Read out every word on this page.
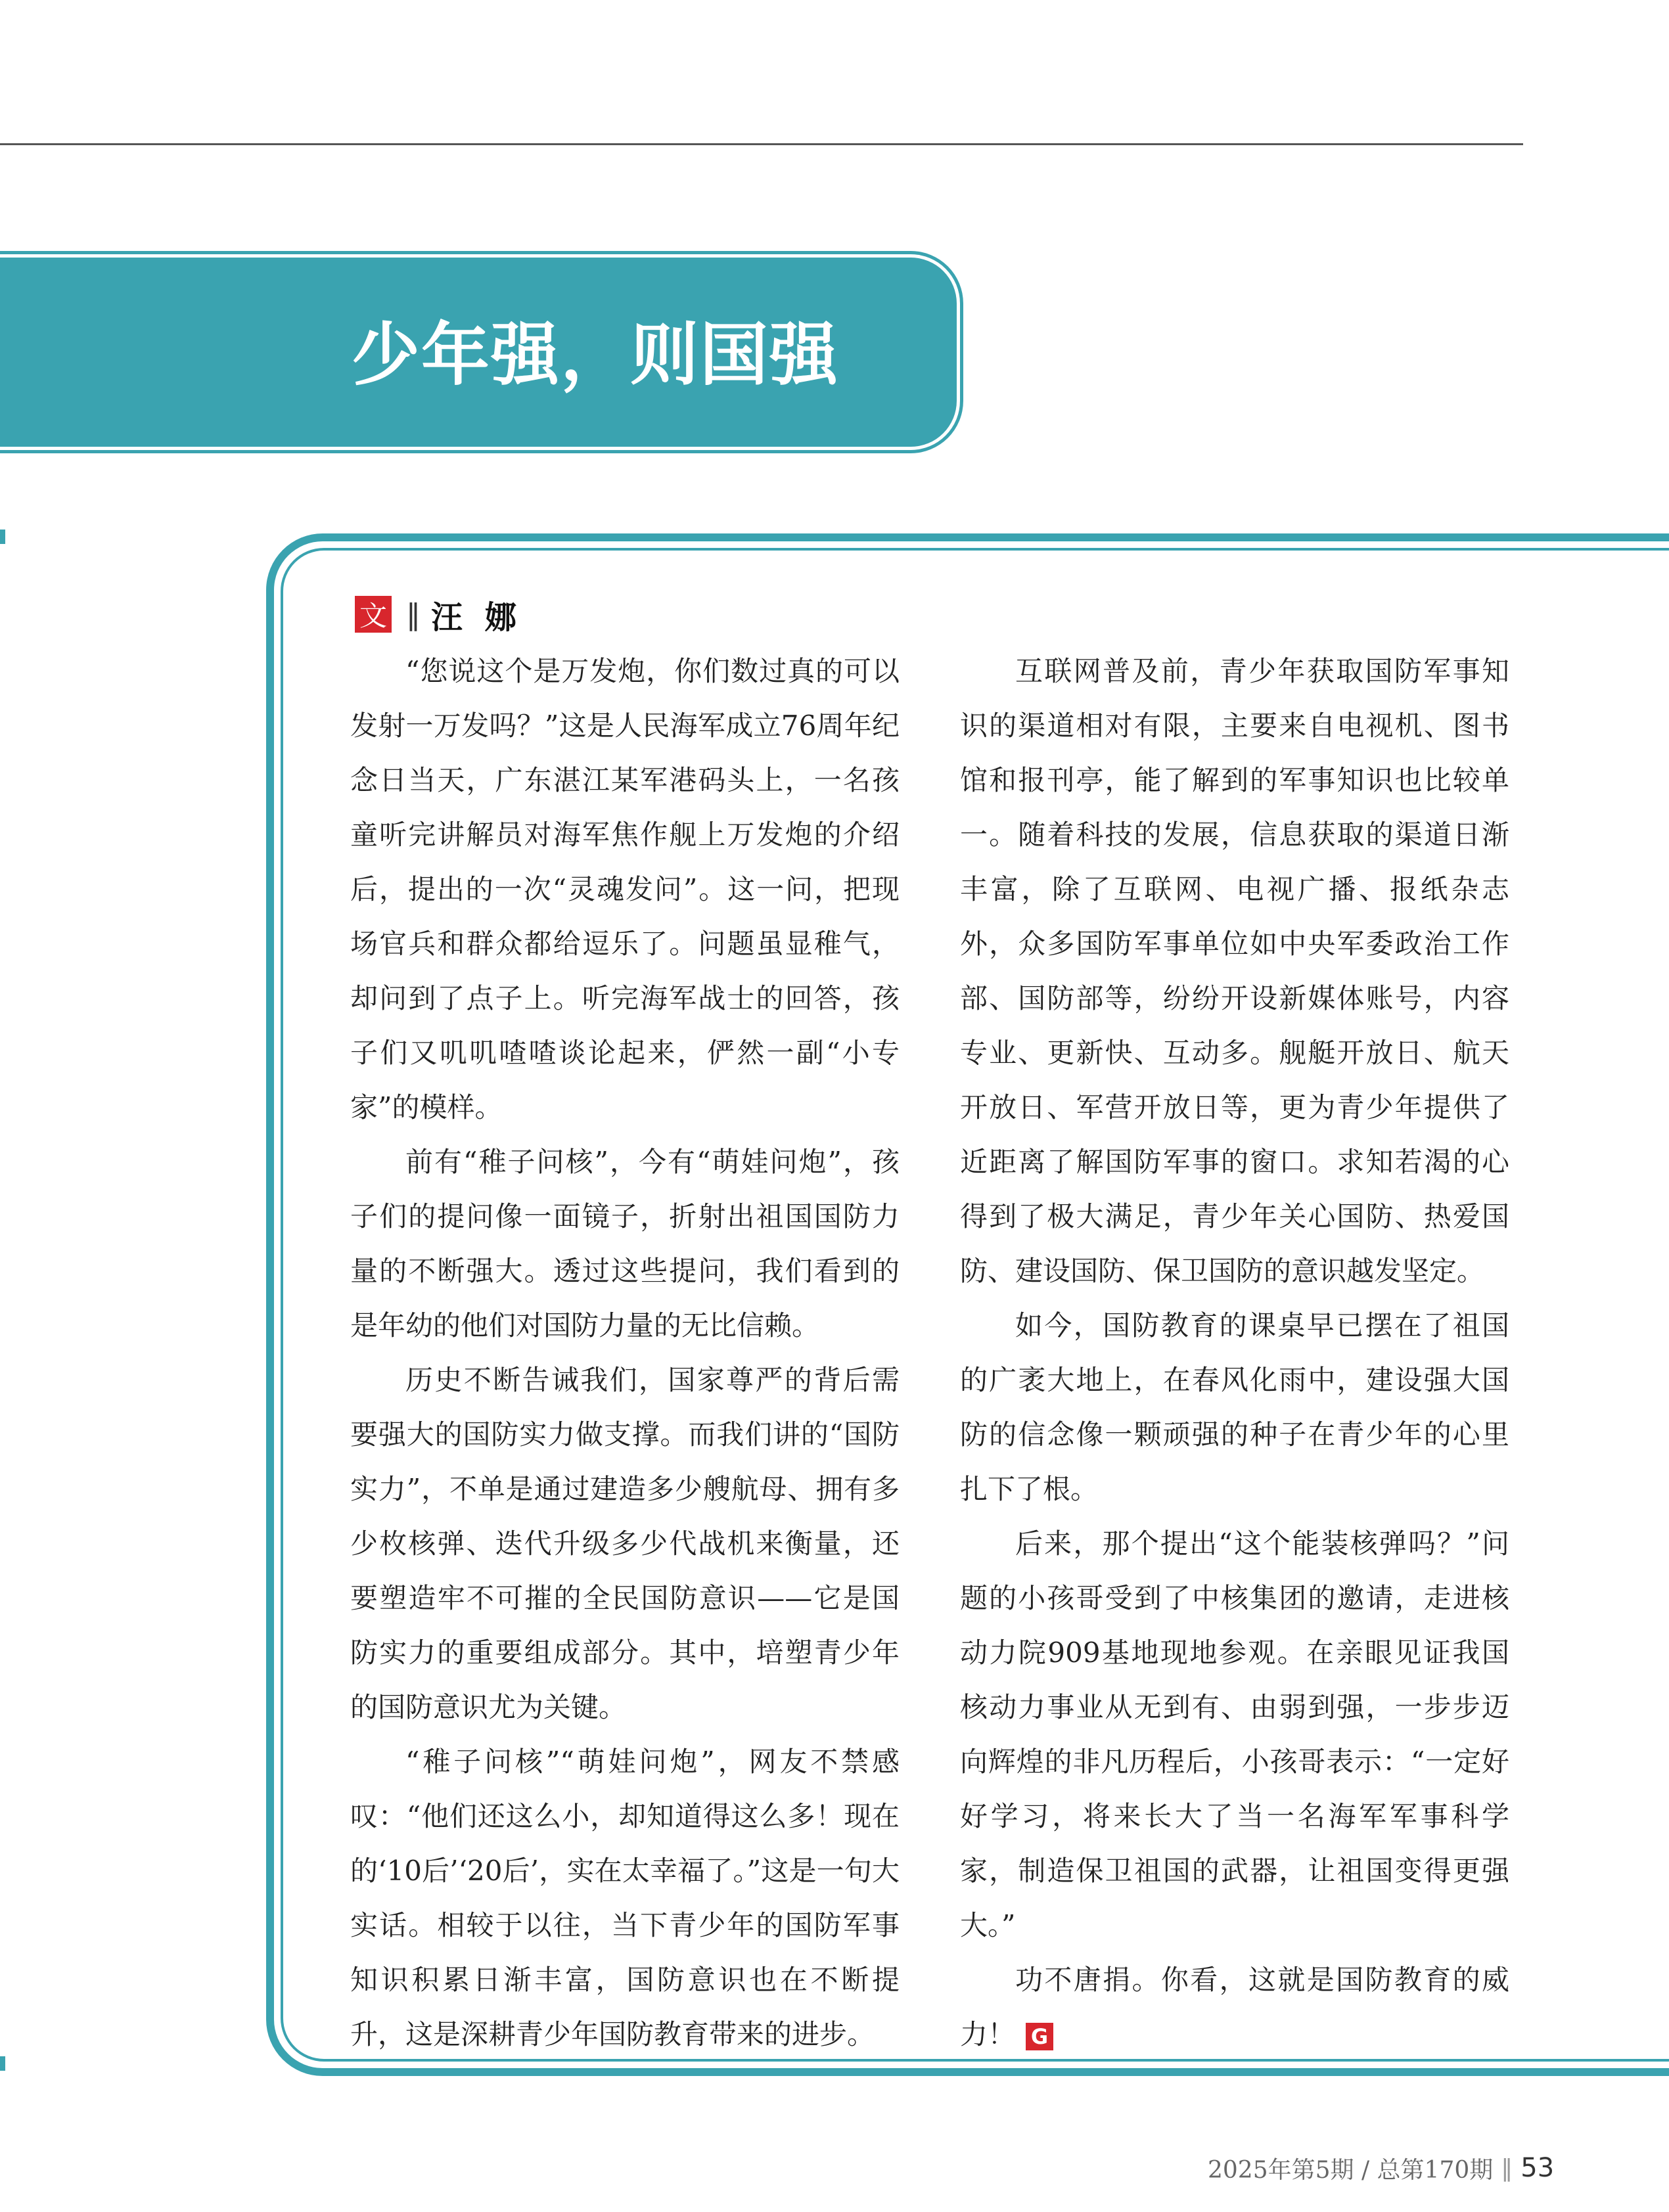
少年强，则国强
文 ‖ 汪娜

“您说这个是万发炮，你们数过真的可以发射一万发吗？”这是人民海军成立76周年纪念日当天，广东湛江某军港码头上，一名孩童听完讲解员对海军焦作舰上万发炮的介绍后，提出的一次“灵魂发问”。这一问，把现场官兵和群众都给逗乐了。问题虽显稚气，却问到了点子上。听完海军战士的回答，孩子们又叽叽喳喳谈论起来，俨然一副“小专家”的模样。

前有“稚子问核”，今有“萌娃问炮”，孩子们的提问像一面镜子，折射出祖国国防力量的不断强大。透过这些提问，我们看到的是年幼的他们对国防力量的无比信赖。

历史不断告诫我们，国家尊严的背后需要强大的国防实力做支撑。而我们讲的“国防实力”，不单是通过建造多少艘航母、拥有多少枚核弹、迭代升级多少代战机来衡量，还要塑造牢不可摧的全民国防意识——它是国防实力的重要组成部分。其中，培塑青少年的国防意识尤为关键。

“稚子问核”“萌娃问炮”，网友不禁感叹：“他们还这么小，却知道得这么多！现在的‘10后’‘20后’，实在太幸福了。”这是一句大实话。相较于以往，当下青少年的国防军事知识积累日渐丰富，国防意识也在不断提升，这是深耕青少年国防教育带来的进步。

互联网普及前，青少年获取国防军事知识的渠道相对有限，主要来自电视机、图书馆和报刊亭，能了解到的军事知识也比较单一。随着科技的发展，信息获取的渠道日渐丰富，除了互联网、电视广播、报纸杂志外，众多国防军事单位如中央军委政治工作部、国防部等，纷纷开设新媒体账号，内容专业、更新快、互动多。舰艇开放日、航天开放日、军营开放日等，更为青少年提供了近距离了解国防军事的窗口。求知若渴的心得到了极大满足，青少年关心国防、热爱国防、建设国防、保卫国防的意识越发坚定。

如今，国防教育的课桌早已摆在了祖国的广袤大地上，在春风化雨中，建设强大国防的信念像一颗顽强的种子在青少年的心里扎下了根。

后来，那个提出“这个能装核弹吗？”问题的小孩哥受到了中核集团的邀请，走进核动力院909基地现地参观。在亲眼见证我国核动力事业从无到有、由弱到强，一步步迈向辉煌的非凡历程后，小孩哥表示：“一定好好学习，将来长大了当一名海军军事科学家，制造保卫祖国的武器，让祖国变得更强大。”

功不唐捐。你看，这就是国防教育的威力！ G

2025年第5期 / 总第170期 ‖ 53
